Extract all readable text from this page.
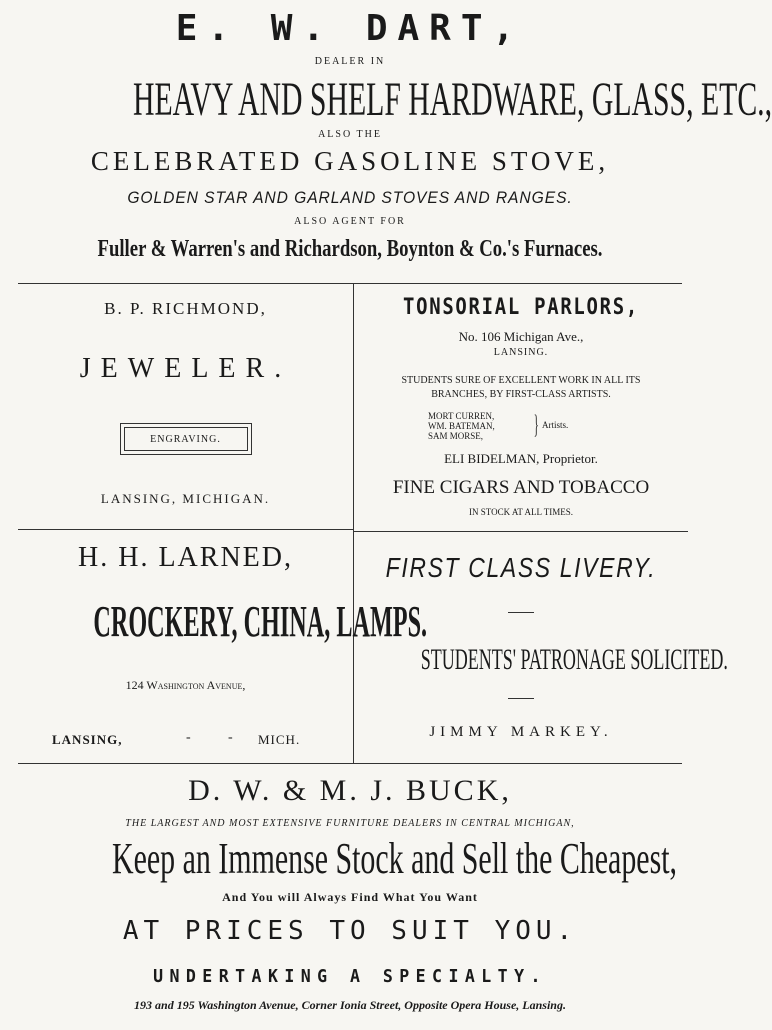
E. W. DART,
DEALER IN
HEAVY AND SHELF HARDWARE, GLASS, ETC.,
ALSO THE
CELEBRATED GASOLINE STOVE,
GOLDEN STAR AND GARLAND STOVES AND RANGES.
ALSO AGENT FOR
Fuller & Warren's and Richardson, Boynton & Co.'s Furnaces.
B. P. RICHMOND,
JEWELER.
ENGRAVING.
LANSING, MICHIGAN.
TONSORIAL PARLORS,
No. 106 Michigan Ave.,
LANSING.
STUDENTS SURE OF EXCELLENT WORK IN ALL ITS
BRANCHES, BY FIRST-CLASS ARTISTS.
MORT CURREN,
WM. BATEMAN,
SAM MORSE,	} Artists.
ELI BIDELMAN, Proprietor.
FINE CIGARS AND TOBACCO
IN STOCK AT ALL TIMES.
H. H. LARNED,
CROCKERY, CHINA, LAMPS.
124 Washington Avenue,
LANSING,	-	- MICH.
FIRST CLASS LIVERY.
STUDENTS' PATRONAGE SOLICITED.
JIMMY MARKEY.
D. W. & M. J. BUCK,
THE LARGEST AND MOST EXTENSIVE FURNITURE DEALERS IN CENTRAL MICHIGAN,
Keep an Immense Stock and Sell the Cheapest,
And You will Always Find What You Want
AT PRICES TO SUIT YOU.
UNDERTAKING A SPECIALTY.
193 and 195 Washington Avenue, Corner Ionia Street, Opposite Opera House, Lansing.
